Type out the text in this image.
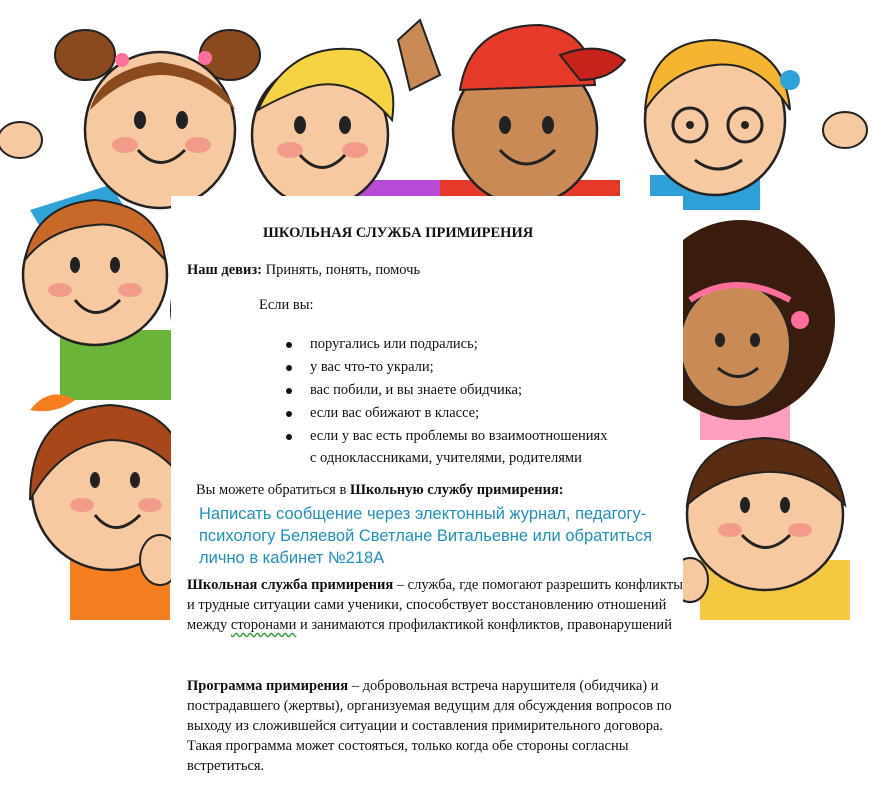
ШКОЛЬНАЯ СЛУЖБА ПРИМИРЕНИЯ

Наш девиз: Принять, понять, помочь

Если вы:

поругались или подрались;
у вас что-то украли;
вас побили, и вы знаете обидчика;
если вас обижают в классе;
если у вас есть проблемы во взаимоотношениях
с одноклассниками, учителями, родителями

Вы можете обратиться в Школьную службу примирения:

Написать сообщение через электонный журнал, педагогу-психологу Беляевой Светлане Витальевне или обратиться лично в кабинет №218А

Школьная служба примирения – служба, где помогают разрешить конфликты и трудные ситуации сами ученики, способствует восстановлению отношений между сторонами и занимаются профилактикой конфликтов, правонарушений

Программа примирения – добровольная встреча нарушителя (обидчика) и пострадавшего (жертвы), организуемая ведущим для обсуждения вопросов по выходу из сложившейся ситуации и составления примирительного договора. Такая программа может состояться, только когда обе стороны согласны встретиться.
